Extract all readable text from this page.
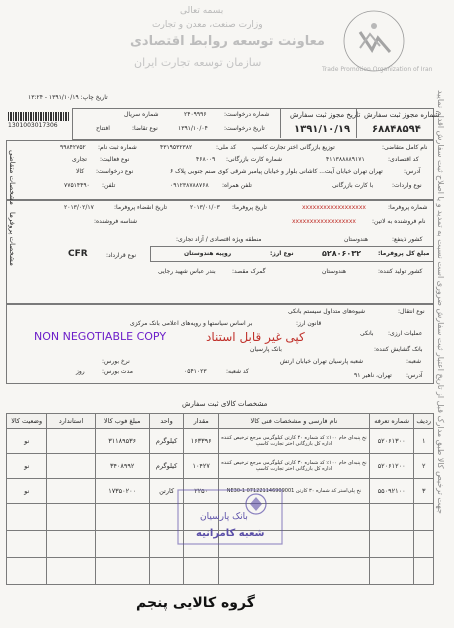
بسمه تعالی
وزارت صنعت، معدن و تجارت
معاونت توسعه روابط اقتصادی
سازمان توسعه تجارت ایران
Trade Promotion Organization of Iran
جهت ترخیص کالا طبق مدارک قبل از تاریخ اعتبار ثبت سفارش ضروری است نسبت به تمدید و یا اصلاح ثبت سفارش اقدام نمایید
تاریخ چاپ: ۱۳۹۱/۱۰/۱۹ - ۱۳:۲۴
شماره مجوز ثبت سفارش
۶۸۸۴۸۵۹۴
تاریخ مجوز ثبت سفارش
۱۳۹۱/۱۰/۱۹
شماره درخواست:
۲۴۰۹۹۹۶
تاریخ درخواست:
۱۳۹۱/۱۰/۰۴
شماره سریال
نوع تقاضا:
افتتاح
1301003017306
مشخصات متقاضی
نام کامل متقاضی:
توزیع بازرگانی اختر تجارت کاسپ
کد ملی:
۴۳۱۹۵۳۲۳۸۲
شماره ثبت نام:
۹۹۸۴۲۷۵۲
کد اقتصادی:
۴۱۱۳۸۸۸۸۹۱۷۱
شماره کارت بازرگانی:
۴۶۸۰۰۹
نوع فعالیت:
تجاری
آدرس:
تهران تهران خیابان آیت... کاشانی بلوار و خیابان پیامبر شرقی کوی صنم جنوبی پلاک ۶
نوع درخواست:
کالا
نوع واردات:
با کارت بازرگانی
تلفن همراه:
۰۹۱۲۳۸۷۸۸۷۶۸
تلفن:
۷۷۵۱۴۴۹۰
مشخصات پروفرما
شماره پروفرما:
xxxxxxxxxxxxxxxxxx
تاریخ پروفرما:
۲۰۱۳/۰۱/۰۳
تاریخ انقضاء پروفرما:
۲۰۱۳/۰۲/۱۷
نام فروشنده به لاتین:
xxxxxxxxxxxxxxxxxx
شناسه فروشنده:
کشور ذینفع:
هندوستان
منطقه ویژه اقتصادی / آزاد تجاری:
مبلغ کل پروفرما:
۵۲۸۰۶۰۳۲
نوع ارز:
روپیه هندوستان
نوع قرارداد:
CFR
کشور تولید کننده:
هندوستان
گمرک مقصد:
بندر عباس شهید رجایی
نوع انتقال:
شیوه‌های متداول سیستم بانکی
قانون ارز:
بر اساس سیاستها و رویه‌های اعلامی بانک مرکزی
NON NEGOTIABLE COPY	کپی غیر قابل استناد	عملیات ارزی:
بانکی
بانک گشایش کننده:
بانک پارسیان
شعبه:
شعبه پارسیان تهران خیابان ارتش
نرخ بورس:
کد شعبه:
۰۵۴۱۰۲۳
مدت بورس:
روز
آدرس:
تهران، ناهیر ۹۱
مشخصات کالای ثبت سفارش
ردیف	شماره تعرفه	نام فارسی و مشخصات فنی کالا	مقدار	واحد	مبلغ فوب کالا	استاندارد	وضعیت کالا
۱	۵۲۰۶۱۳۰۰	نخ پنبه‌ای خام ۱۰۰٪ کد شماره ۴۰ کارتن کیلوگرمی مرجع ترخیص کننده اداره کل بازرگانی اختر تجارت کاسپ	۱۶۳۳۹۶	کیلوگرم	۳۱۱۸۹۵۳۶		نو
۲	۵۲۰۶۱۲۰۰	نخ پنبه‌ای خام ۱۰۰٪ کد شماره ۳۰ کارتن کیلوگرمی مرجع ترخیص کننده اداره کل بازرگانی اختر تجارت کاسپ	۱۰۴۲۷	کیلوگرم	۳۴۰۸۹۹۲		نو
۳	۵۵۰۹۲۱۰۰	نخ پلی‌استر کد شماره ۳۰ کارتن NE30-1 071221146909001	۲۲۵۰	کارتن	۱۷۳۵۰۲۰۰		نو

بانک پارسیان
شعبه کامرانیه
گروه کالایی پنجم
